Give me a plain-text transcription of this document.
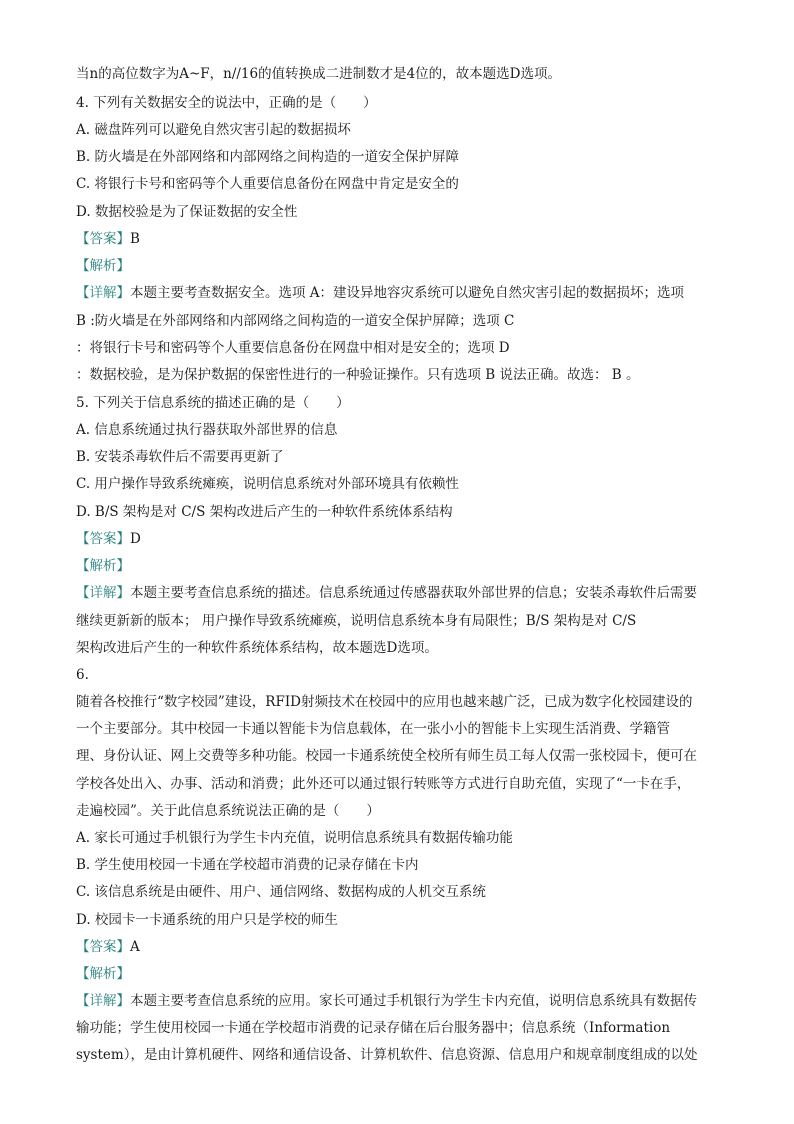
当n的高位数字为A~F，n//16的值转换成二进制数才是4位的，故本题选D选项。
4. 下列有关数据安全的说法中，正确的是（　　）
A. 磁盘阵列可以避免自然灾害引起的数据损坏
B. 防火墙是在外部网络和内部网络之间构造的一道安全保护屏障
C. 将银行卡号和密码等个人重要信息备份在网盘中肯定是安全的
D. 数据校验是为了保证数据的安全性
【答案】B
【解析】
【详解】本题主要考查数据安全。选项 A：建设异地容灾系统可以避免自然灾害引起的数据损坏；选项
B :防火墙是在外部网络和内部网络之间构造的一道安全保护屏障；选项 C
：将银行卡号和密码等个人重要信息备份在网盘中相对是安全的；选项 D
：数据校验，是为保护数据的保密性进行的一种验证操作。只有选项 B 说法正确。故选： B 。
5. 下列关于信息系统的描述正确的是（　　）
A. 信息系统通过执行器获取外部世界的信息
B. 安装杀毒软件后不需要再更新了
C. 用户操作导致系统瘫痪，说明信息系统对外部环境具有依赖性
D. B/S 架构是对 C/S 架构改进后产生的一种软件系统体系结构
【答案】D
【解析】
【详解】本题主要考查信息系统的描述。信息系统通过传感器获取外部世界的信息；安装杀毒软件后需要
继续更新新的版本； 用户操作导致系统瘫痪，说明信息系统本身有局限性；B/S 架构是对 C/S
架构改进后产生的一种软件系统体系结构，故本题选D选项。
6.
随着各校推行“数字校园”建设，RFID射频技术在校园中的应用也越来越广泛，已成为数字化校园建设的
一个主要部分。其中校园一卡通以智能卡为信息载体，在一张小小的智能卡上实现生活消费、学籍管
理、身份认证、网上交费等多种功能。校园一卡通系统使全校所有师生员工每人仅需一张校园卡，便可在
学校各处出入、办事、活动和消费；此外还可以通过银行转账等方式进行自助充值，实现了“一卡在手，
走遍校园”。关于此信息系统说法正确的是（　　）
A. 家长可通过手机银行为学生卡内充值，说明信息系统具有数据传输功能
B. 学生使用校园一卡通在学校超市消费的记录存储在卡内
C. 该信息系统是由硬件、用户、通信网络、数据构成的人机交互系统
D. 校园卡一卡通系统的用户只是学校的师生
【答案】A
【解析】
【详解】本题主要考查信息系统的应用。家长可通过手机银行为学生卡内充值，说明信息系统具有数据传
输功能；学生使用校园一卡通在学校超市消费的记录存储在后台服务器中；信息系统（Information
system），是由计算机硬件、网络和通信设备、计算机软件、信息资源、信息用户和规章制度组成的以处
